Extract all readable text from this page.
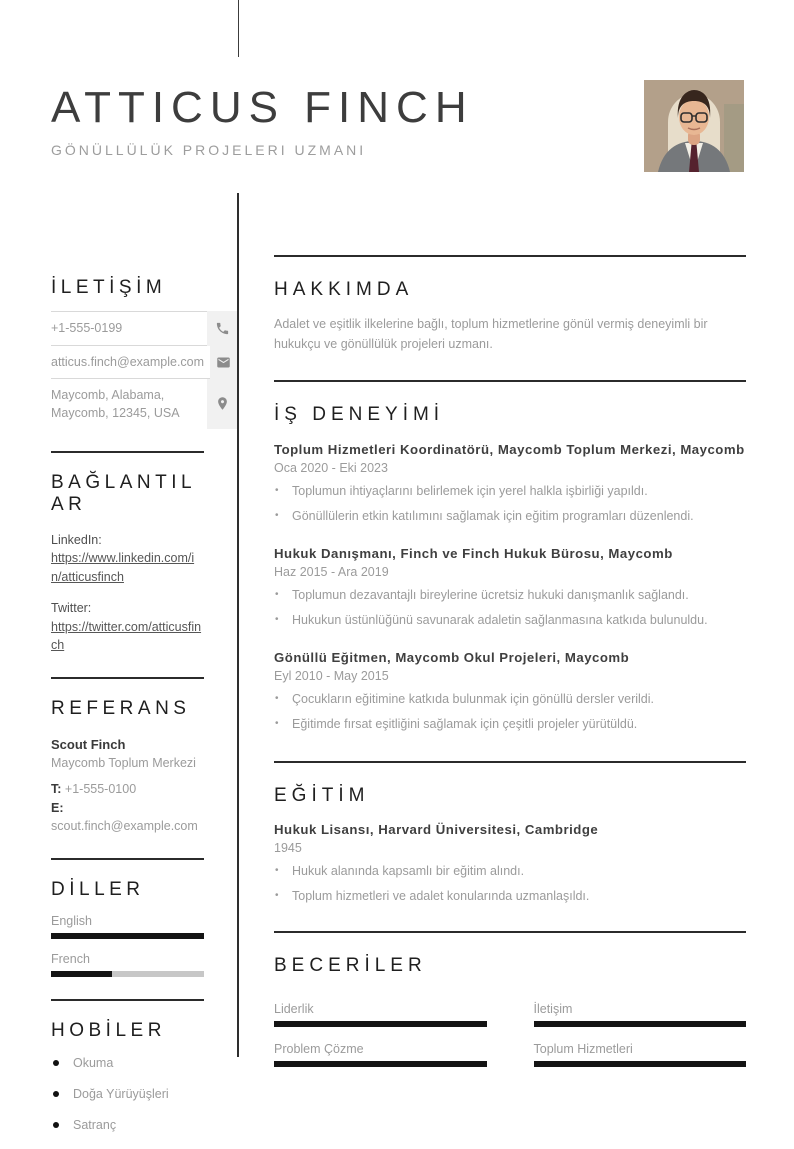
ATTICUS FINCH
GÖNÜLLÜLÜK PROJELERI UZMANI
İLETİŞİM
+1-555-0199
atticus.finch@example.com
Maycomb, Alabama,
Maycomb, 12345, USA
BAĞLANTILAR
LinkedIn:
https://www.linkedin.com/in/atticusfinch
Twitter:
https://twitter.com/atticusfinch
REFERANS
Scout Finch
Maycomb Toplum Merkezi
T: +1-555-0100
E: scout.finch@example.com
DİLLER
English
French
HOBİLER
Okuma
Doğa Yürüyüşleri
Satranç
HAKKIMDA

Adalet ve eşitlik ilkelerine bağlı, toplum hizmetlerine gönül vermiş deneyimli bir hukukçu ve gönüllülük projeleri uzmanı.

İŞ DENEYİMİ
Toplum Hizmetleri Koordinatörü, Maycomb Toplum Merkezi, Maycomb
Oca 2020 - Eki 2023
• Toplumun ihtiyaçlarını belirlemek için yerel halkla işbirliği yapıldı.
• Gönüllülerin etkin katılımını sağlamak için eğitim programları düzenlendi.
Hukuk Danışmanı, Finch ve Finch Hukuk Bürosu, Maycomb
Haz 2015 - Ara 2019
• Toplumun dezavantajlı bireylerine ücretsiz hukuki danışmanlık sağlandı.
• Hukukun üstünlüğünü savunarak adaletin sağlanmasına katkıda bulunuldu.
Gönüllü Eğitmen, Maycomb Okul Projeleri, Maycomb
Eyl 2010 - May 2015
• Çocukların eğitimine katkıda bulunmak için gönüllü dersler verildi.
• Eğitimde fırsat eşitliğini sağlamak için çeşitli projeler yürütüldü.
EĞİTİM
Hukuk Lisansı, Harvard Üniversitesi, Cambridge
1945
• Hukuk alanında kapsamlı bir eğitim alındı.
• Toplum hizmetleri ve adalet konularında uzmanlaşıldı.
BECERİLER
Liderlik	İletişim
Problem Çözme	Toplum Hizmetleri
